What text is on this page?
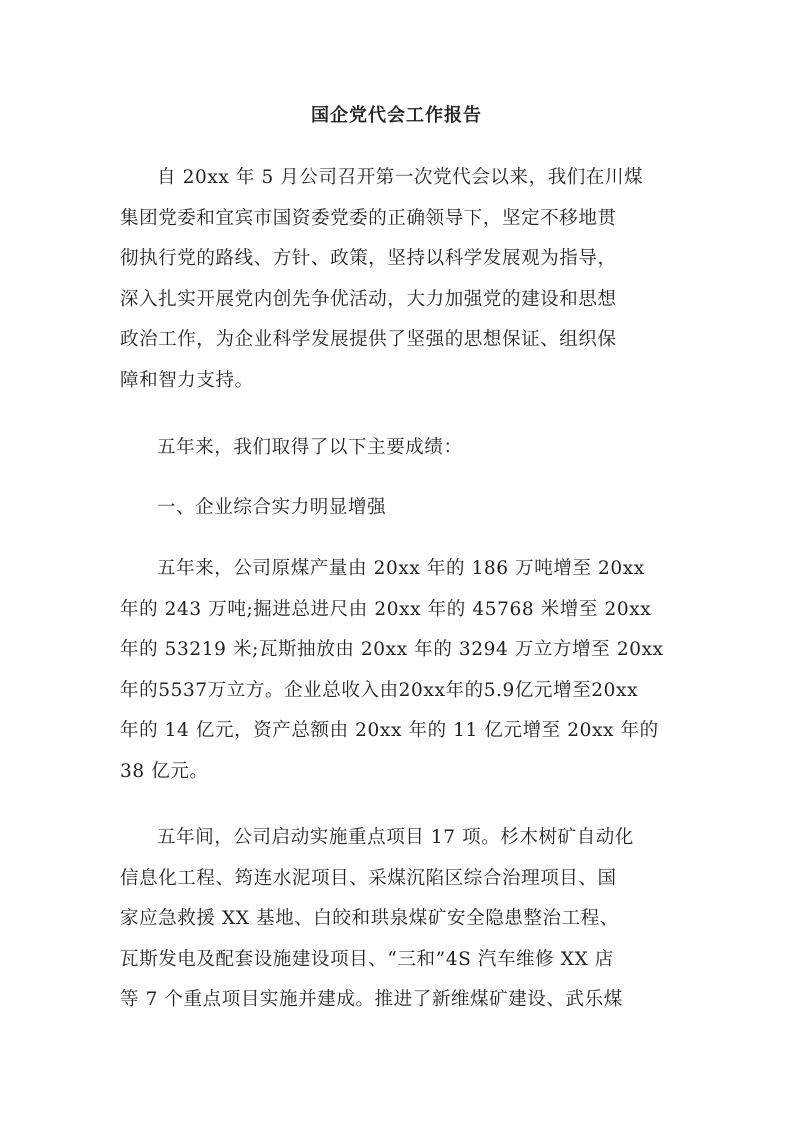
国企党代会工作报告
自 20xx 年 5 月公司召开第一次党代会以来，我们在川煤
集团党委和宜宾市国资委党委的正确领导下，坚定不移地贯
彻执行党的路线、方针、政策，坚持以科学发展观为指导，
深入扎实开展党内创先争优活动，大力加强党的建设和思想
政治工作，为企业科学发展提供了坚强的思想保证、组织保
障和智力支持。
五年来，我们取得了以下主要成绩：
一、企业综合实力明显增强
五年来，公司原煤产量由 20xx 年的 186 万吨增至 20xx
年的 243 万吨;掘进总进尺由 20xx 年的 45768 米增至 20xx
年的 53219 米;瓦斯抽放由 20xx 年的 3294 万立方增至 20xx
年的5537万立方。企业总收入由20xx年的5.9亿元增至20xx
年的 14 亿元，资产总额由 20xx 年的 11 亿元增至 20xx 年的
38 亿元。
五年间，公司启动实施重点项目 17 项。杉木树矿自动化
信息化工程、筠连水泥项目、采煤沉陷区综合治理项目、国
家应急救援 XX 基地、白皎和珙泉煤矿安全隐患整治工程、
瓦斯发电及配套设施建设项目、“三和”4S 汽车维修 XX 店
等 7 个重点项目实施并建成。推进了新维煤矿建设、武乐煤
